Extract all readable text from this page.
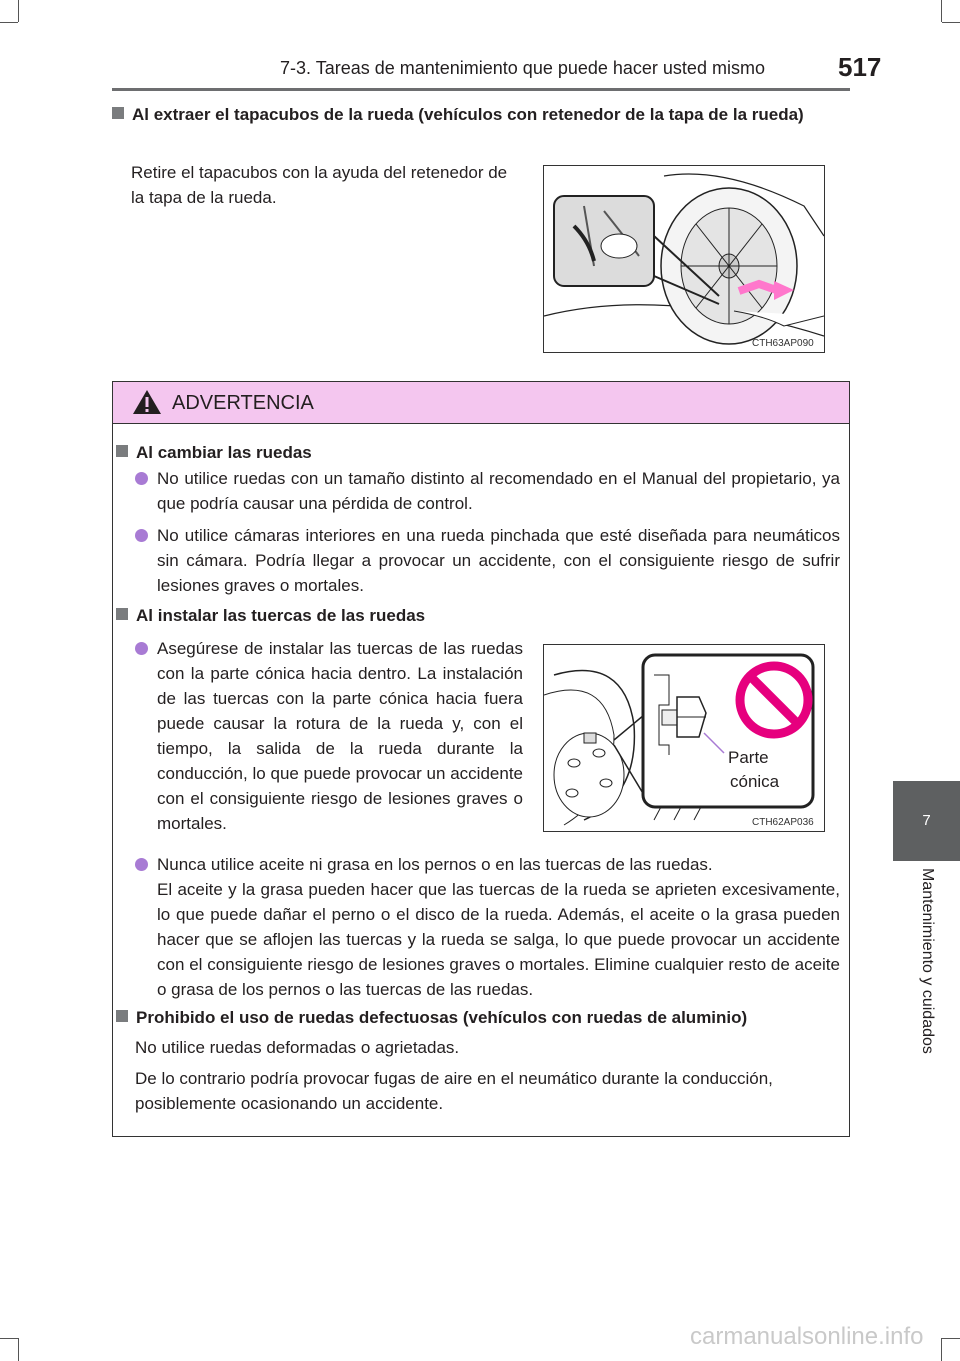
7-3. Tareas de mantenimiento que puede hacer usted mismo	517
7
Mantenimiento y cuidados
Al extraer el tapacubos de la rueda (vehículos con retenedor de la tapa de la rueda)
Retire el tapacubos con la ayuda del retenedor de la tapa de la rueda.
CTH63AP090
ADVERTENCIA
Al cambiar las ruedas
No utilice ruedas con un tamaño distinto al recomendado en el Manual del propietario, ya que podría causar una pérdida de control.
No utilice cámaras interiores en una rueda pinchada que esté diseñada para neumáticos sin cámara. Podría llegar a provocar un accidente, con el consiguiente riesgo de sufrir lesiones graves o mortales.
Al instalar las tuercas de las ruedas
Asegúrese de instalar las tuercas de las ruedas con la parte cónica hacia dentro. La instalación de las tuercas con la parte cónica hacia fuera puede causar la rotura de la rueda y, con el tiempo, la salida de la rueda durante la conducción, lo que puede provocar un accidente con el consiguiente riesgo de lesiones graves o mortales.
Parte
cónica
CTH62AP036
Nunca utilice aceite ni grasa en los pernos o en las tuercas de las ruedas.
El aceite y la grasa pueden hacer que las tuercas de la rueda se aprieten excesivamente, lo que puede dañar el perno o el disco de la rueda. Además, el aceite o la grasa pueden hacer que se aflojen las tuercas y la rueda se salga, lo que puede provocar un accidente con el consiguiente riesgo de lesiones graves o mortales. Elimine cualquier resto de aceite o grasa de los pernos o las tuercas de las ruedas.
Prohibido el uso de ruedas defectuosas (vehículos con ruedas de aluminio)
No utilice ruedas deformadas o agrietadas.
De lo contrario podría provocar fugas de aire en el neumático durante la conducción, posiblemente ocasionando un accidente.
carmanualsonline.info
